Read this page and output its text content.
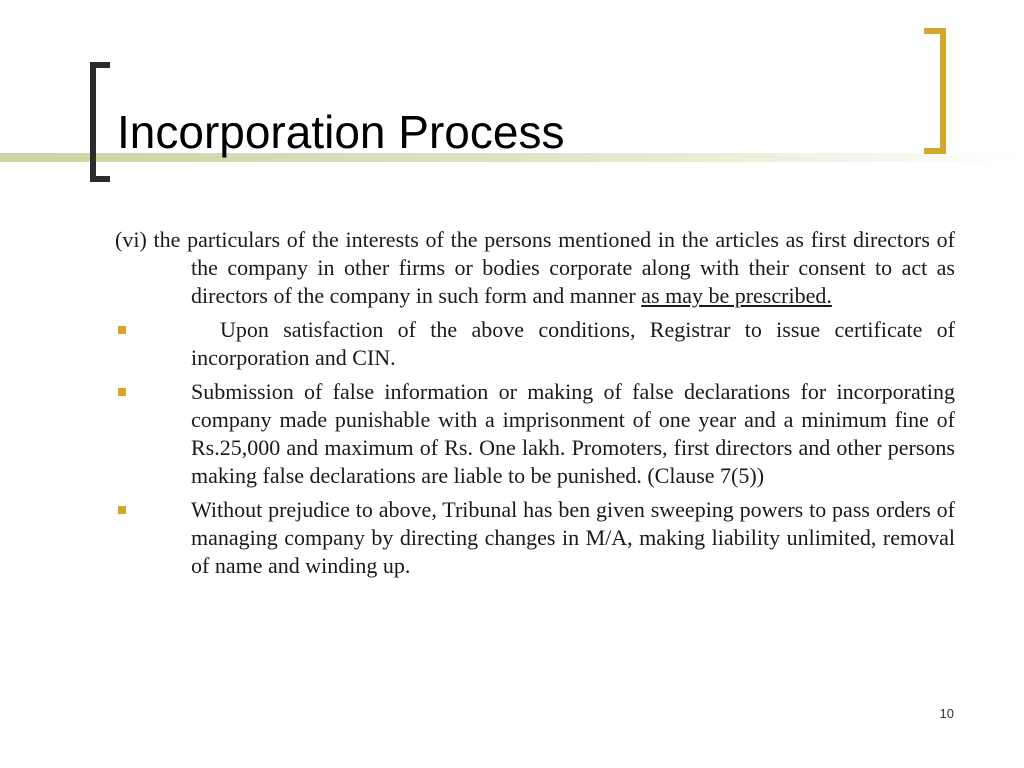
Incorporation Process

(vi) the particulars of the interests of the persons mentioned in the articles as first directors of the company in other firms or bodies corporate along with their consent to act as directors of the company in such form and manner as may be prescribed.

Upon satisfaction of the above conditions, Registrar to issue certificate of incorporation and CIN.

Submission of false information or making of false declarations for incorporating company made punishable with a imprisonment of one year and a minimum fine of Rs.25,000 and maximum of Rs. One lakh. Promoters, first directors and other persons making false declarations are liable to be punished. (Clause 7(5))

Without prejudice to above, Tribunal has ben given sweeping powers to pass orders of managing company by directing changes in M/A, making liability unlimited, removal of name and winding up.

10
